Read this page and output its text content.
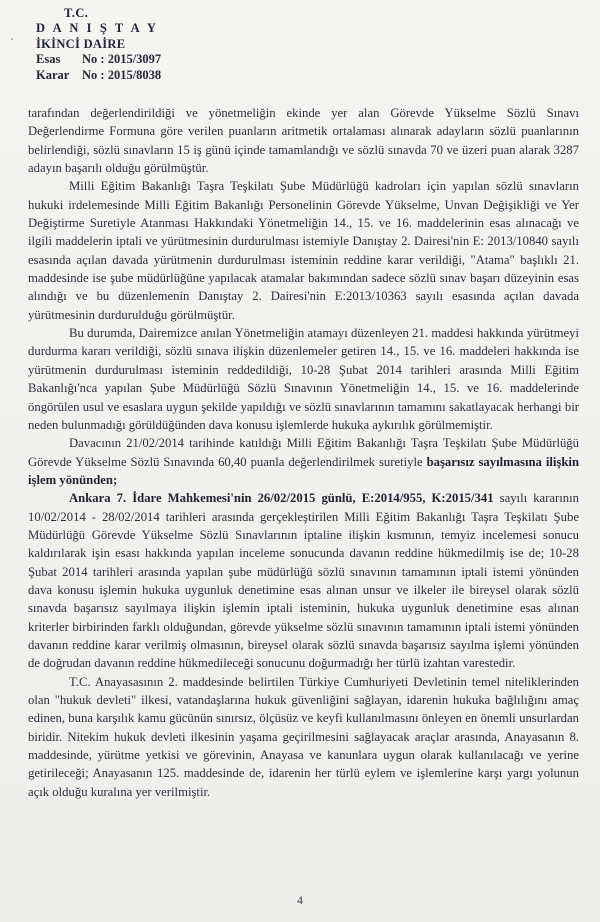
T.C.
D A N I Ş T A Y
İKİNCİ DAİRE
Esas No : 2015/3097
Karar No : 2015/8038

tarafından değerlendirildiği ve yönetmeliğin ekinde yer alan Görevde Yükselme Sözlü Sınavı Değerlendirme Formuna göre verilen puanların aritmetik ortalaması alınarak adayların sözlü puanlarının belirlendiği, sözlü sınavların 15 iş günü içinde tamamlandığı ve sözlü sınavda 70 ve üzeri puan alarak 3287 adayın başarılı olduğu görülmüştür.

Milli Eğitim Bakanlığı Taşra Teşkilatı Şube Müdürlüğü kadroları için yapılan sözlü sınavların hukuki irdelemesinde Milli Eğitim Bakanlığı Personelinin Görevde Yükselme, Unvan Değişikliği ve Yer Değiştirme Suretiyle Atanması Hakkındaki Yönetmeliğin 14., 15. ve 16. maddelerinin esas alınacağı ve ilgili maddelerin iptali ve yürütmesinin durdurulması istemiyle Danıştay 2. Dairesi'nin E: 2013/10840 sayılı esasında açılan davada yürütmenin durdurulması isteminin reddine karar verildiği, "Atama" başlıklı 21. maddesinde ise şube müdürlüğüne yapılacak atamalar bakımından sadece sözlü sınav başarı düzeyinin esas alındığı ve bu düzenlemenin Danıştay 2. Dairesi'nin E:2013/10363 sayılı esasında açılan davada yürütmesinin durdurulduğu görülmüştür.

Bu durumda, Dairemizce anılan Yönetmeliğin atamayı düzenleyen 21. maddesi hakkında yürütmeyi durdurma kararı verildiği, sözlü sınava ilişkin düzenlemeler getiren 14., 15. ve 16. maddeleri hakkında ise yürütmenin durdurulması isteminin reddedildiği, 10-28 Şubat 2014 tarihleri arasında Milli Eğitim Bakanlığı'nca yapılan Şube Müdürlüğü Sözlü Sınavının Yönetmeliğin 14., 15. ve 16. maddelerinde öngörülen usul ve esaslara uygun şekilde yapıldığı ve sözlü sınavlarının tamamını sakatlayacak herhangi bir neden bulunmadığı görüldüğünden dava konusu işlemlerde hukuka aykırılık görülmemiştir.

Davacının 21/02/2014 tarihinde katıldığı Milli Eğitim Bakanlığı Taşra Teşkilatı Şube Müdürlüğü Görevde Yükselme Sözlü Sınavında 60,40 puanla değerlendirilmek suretiyle başarısız sayılmasına ilişkin işlem yönünden;

Ankara 7. İdare Mahkemesi'nin 26/02/2015 günlü, E:2014/955, K:2015/341 sayılı kararının 10/02/2014 - 28/02/2014 tarihleri arasında gerçekleştirilen Milli Eğitim Bakanlığı Taşra Teşkilatı Şube Müdürlüğü Görevde Yükselme Sözlü Sınavlarının iptaline ilişkin kısmının, temyiz incelemesi sonucu kaldırılarak işin esası hakkında yapılan inceleme sonucunda davanın reddine hükmedilmiş ise de; 10-28 Şubat 2014 tarihleri arasında yapılan şube müdürlüğü sözlü sınavının tamamının iptali istemi yönünden dava konusu işlemin hukuka uygunluk denetimine esas alınan unsur ve ilkeler ile bireysel olarak sözlü sınavda başarısız sayılmaya ilişkin işlemin iptali isteminin, hukuka uygunluk denetimine esas alınan kriterler birbirinden farklı olduğundan, görevde yükselme sözlü sınavının tamamının iptali istemi yönünden davanın reddine karar verilmiş olmasının, bireysel olarak sözlü sınavda başarısız sayılma işlemi yönünden de doğrudan davanın reddine hükmedileceği sonucunu doğurmadığı her türlü izahtan varestedir.

T.C. Anayasasının 2. maddesinde belirtilen Türkiye Cumhuriyeti Devletinin temel niteliklerinden olan "hukuk devleti" ilkesi, vatandaşlarına hukuk güvenliğini sağlayan, idarenin hukuka bağlılığını amaç edinen, buna karşılık kamu gücünün sınırsız, ölçüsüz ve keyfi kullanılmasını önleyen en önemli unsurlardan biridir. Nitekim hukuk devleti ilkesinin yaşama geçirilmesini sağlayacak araçlar arasında, Anayasanın 8. maddesinde, yürütme yetkisi ve görevinin, Anayasa ve kanunlara uygun olarak kullanılacağı ve yerine getirileceği; Anayasanın 125. maddesinde de, idarenin her türlü eylem ve işlemlerine karşı yargı yolunun açık olduğu kuralına yer verilmiştir.

4
